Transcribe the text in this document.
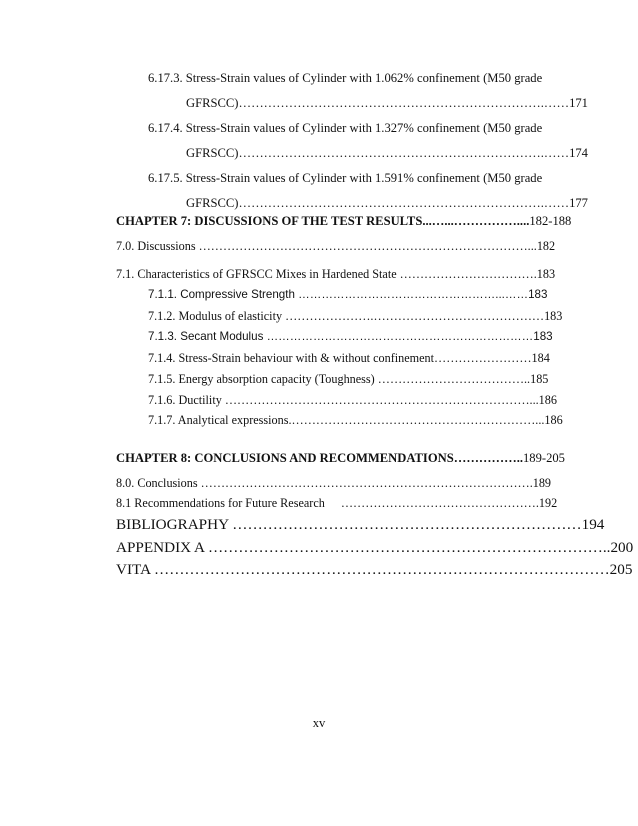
6.17.3. Stress-Strain values of Cylinder with 1.062% confinement (M50 grade
GFRSCC)……………………………………………………………….……171
6.17.4. Stress-Strain values of Cylinder with 1.327% confinement (M50 grade
GFRSCC)……………………………………………………………….……174
6.17.5. Stress-Strain values of Cylinder with 1.591% confinement (M50 grade
GFRSCC)……………………………………………………………….……177
CHAPTER 7: DISCUSSIONS OF THE TEST RESULTS...…...……………....182-188
7.0. Discussions ………………………………………………………………………...182
7.1. Characteristics of GFRSCC Mixes in Hardened State …………………………….183
7.1.1. Compressive Strength ……………………………………………...……183
7.1.2. Modulus of elasticity ………………….……………………………………183
7.1.3. Secant Modulus ……………………………………………………………183
7.1.4. Stress-Strain behaviour with & without confinement……………………184
7.1.5. Energy absorption capacity (Toughness) ………………………………..185
7.1.6. Ductility …………………………………………………………………...186
7.1.7. Analytical expressions.……………………………………………………...186
CHAPTER 8: CONCLUSIONS AND RECOMMENDATIONS……………..189-205
8.0. Conclusions ……………………………………………………………………….189
8.1 Recommendations for Future Research ………………………………………….192
BIBLIOGRAPHY ……………………………………………………………194
APPENDIX A ……………………………………………………………………..200
VITA ………………………………………………………………………………205
xv
